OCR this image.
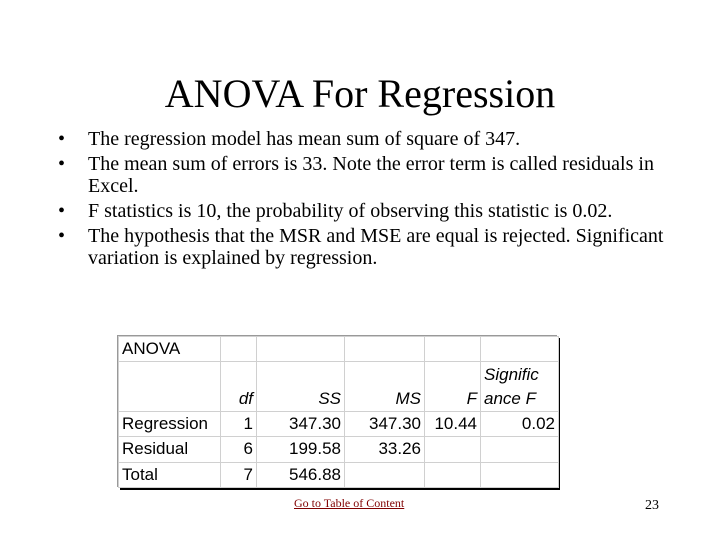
ANOVA For Regression
• The regression model has mean sum of square of 347.
• The mean sum of errors is 33. Note the error term is called residuals in Excel.
• F statistics is 10, the probability of observing this statistic is 0.02.
• The hypothesis that the MSR and MSE are equal is rejected. Significant variation is explained by regression.
ANOVA					
					Signific ance F
	df	SS	MS	F	
Regression	1	347.30	347.30	10.44	0.02
Residual	6	199.58	33.26		
Total	7	546.88			
Go to Table of Content	23
